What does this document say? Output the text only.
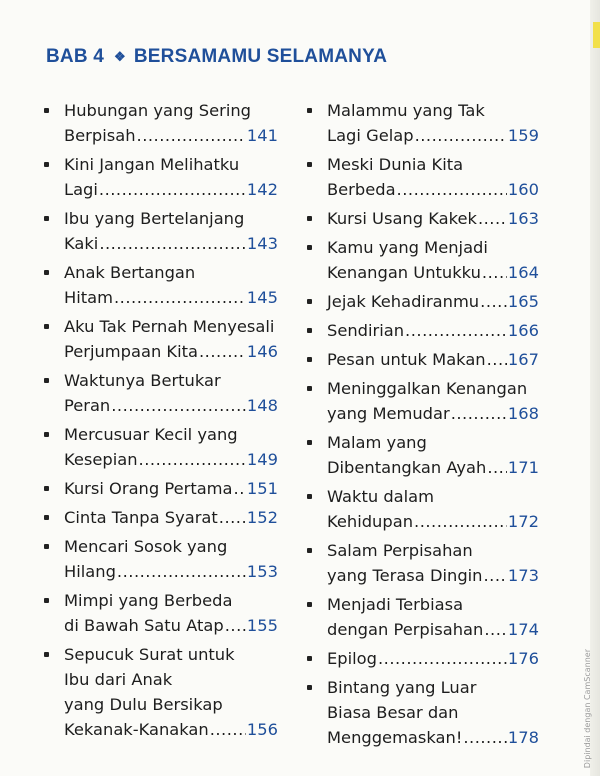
BAB 4 ❖ BERSAMAMU SELAMANYA
Hubungan yang Sering
Berpisah .....	141
Kini Jangan Melihatku
Lagi .....	142
Ibu yang Bertelanjang
Kaki .....	143
Anak Bertangan
Hitam .....	145
Aku Tak Pernah Menyesali
Perjumpaan Kita .....	146
Waktunya Bertukar
Peran .....	148
Mercusuar Kecil yang
Kesepian .....	149
Kursi Orang Pertama ..... 151
Cinta Tanpa Syarat ..... 152
Mencari Sosok yang
Hilang .....	153
Mimpi yang Berbeda
di Bawah Satu Atap ..... 155
Sepucuk Surat untuk
Ibu dari Anak
yang Dulu Bersikap
Kekanak-Kanakan ..... 156
Malammu yang Tak
Lagi Gelap .....	159
Meski Dunia Kita
Berbeda .....	160
Kursi Usang Kakek ..... 163
Kamu yang Menjadi
Kenangan Untukku ..... 164
Jejak Kehadiranmu ..... 165
Sendirian .....	166
Pesan untuk Makan ..... 167
Meninggalkan Kenangan
yang Memudar .....	168
Malam yang
Dibentangkan Ayah ..... 171
Waktu dalam
Kehidupan .....	172
Salam Perpisahan
yang Terasa Dingin ..... 173
Menjadi Terbiasa
dengan Perpisahan ..... 174
Epilog .....	176
Bintang yang Luar
Biasa Besar dan
Menggemaskan! .....	178	Dipindai dengan CamScanner
